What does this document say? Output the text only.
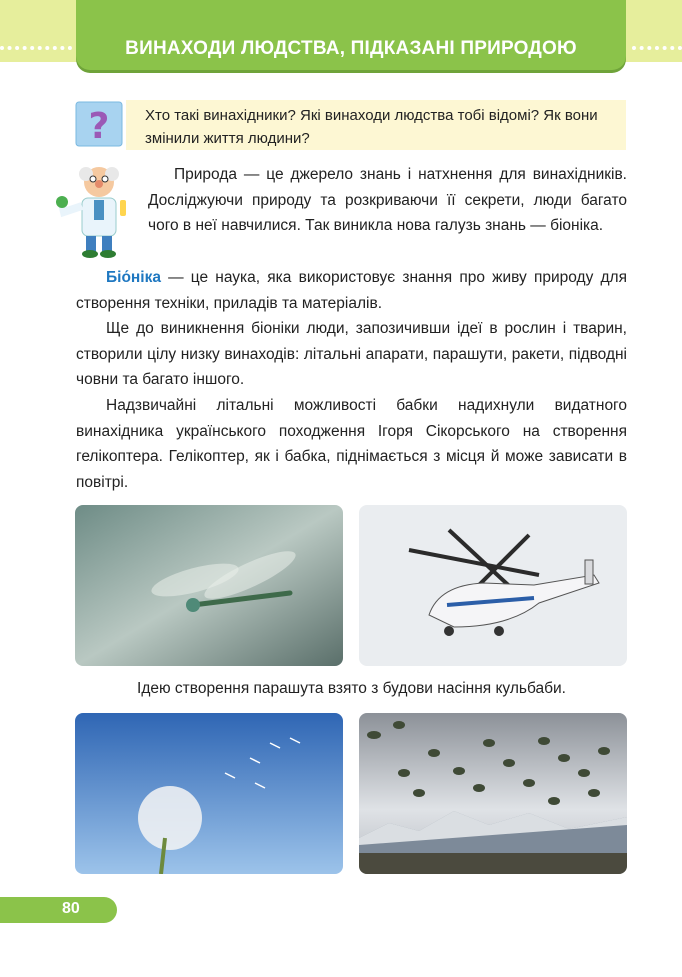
ВИНАХОДИ ЛЮДСТВА, ПІДКАЗАНІ ПРИРОДОЮ
? Хто такі винахідники? Які винаходи людства тобі відомі? Як вони змінили життя людини?

Природа — це джерело знань і натхнення для винахідників. Досліджуючи природу та розкриваючи її секрети, люди багато чого в неї навчилися. Так виникла нова галузь знань — біоніка.

Біо́ніка — це наука, яка використовує знання про живу природу для створення техніки, приладів та матеріалів.

Ще до виникнення біоніки люди, запозичивши ідеї в рослин і тварин, створили цілу низку винаходів: літальні апарати, парашути, ракети, підводні човни та багато іншого.

Надзвичайні літальні можливості бабки надихнули видатного винахідника українського походження Ігоря Сікорського на створення гелікоптера. Гелікоптер, як і бабка, піднімається з місця й може зависати в повітрі.

Ідею створення парашута взято з будови насіння кульбаби.
80
